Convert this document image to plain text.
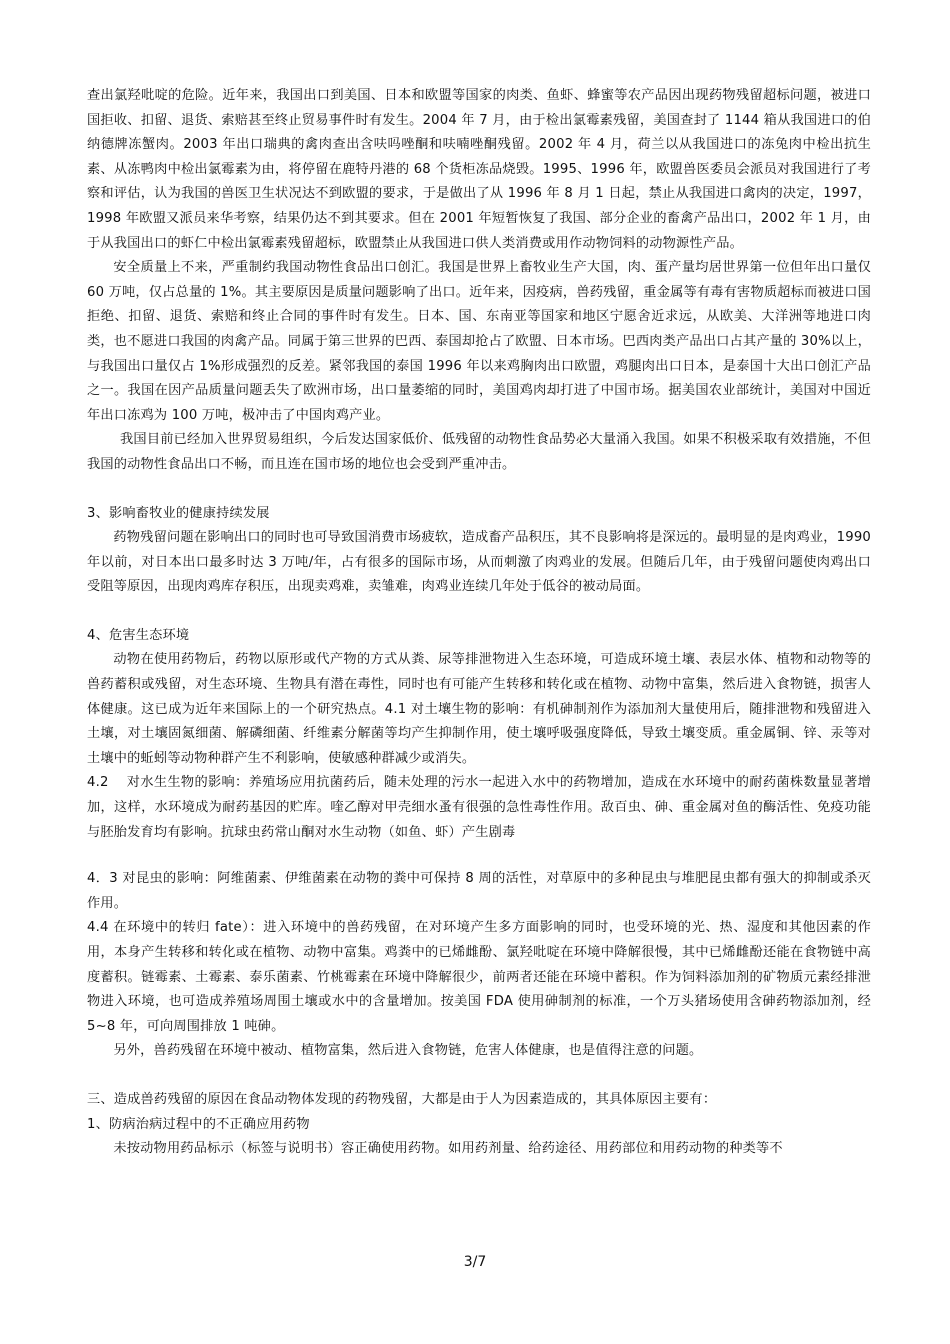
查出氯羟吡啶的危险。近年来，我国出口到美国、日本和欧盟等国家的肉类、鱼虾、蜂蜜等农产品因出现药物残留超标问题，被进口国拒收、扣留、退货、索赔甚至终止贸易事件时有发生。2004 年 7 月，由于检出氯霉素残留，美国查封了 1144 箱从我国进口的伯纳德牌冻蟹肉。2003 年出口瑞典的禽肉查出含呋吗唑酮和呋喃唑酮残留。2002 年 4 月，荷兰以从我国进口的冻兔肉中检出抗生素、从冻鸭肉中检出氯霉素为由，将停留在鹿特丹港的 68 个货柜冻品烧毁。1995、1996 年，欧盟兽医委员会派员对我国进行了考察和评估，认为我国的兽医卫生状况达不到欧盟的要求，于是做出了从 1996 年 8 月 1 日起，禁止从我国进口禽肉的决定，1997，1998 年欧盟又派员来华考察，结果仍达不到其要求。但在 2001 年短暂恢复了我国、部分企业的畜禽产品出口，2002 年 1 月，由于从我国出口的虾仁中检出氯霉素残留超标，欧盟禁止从我国进口供人类消费或用作动物饲料的动物源性产品。

安全质量上不来，严重制约我国动物性食品出口创汇。我国是世界上畜牧业生产大国，肉、蛋产量均居世界第一位但年出口量仅 60 万吨，仅占总量的 1%。其主要原因是质量问题影响了出口。近年来，因疫病，兽药残留，重金属等有毒有害物质超标而被进口国拒绝、扣留、退货、索赔和终止合同的事件时有发生。日本、国、东南亚等国家和地区宁愿舍近求远，从欧美、大洋洲等地进口肉类，也不愿进口我国的肉禽产品。同属于第三世界的巴西、泰国却抢占了欧盟、日本市场。巴西肉类产品出口占其产量的 30%以上，与我国出口量仅占 1%形成强烈的反差。紧邻我国的泰国 1996 年以来鸡胸肉出口欧盟，鸡腿肉出口日本，是泰国十大出口创汇产品之一。我国在因产品质量问题丢失了欧洲市场，出口量萎缩的同时，美国鸡肉却打进了中国市场。据美国农业部统计，美国对中国近年出口冻鸡为 100 万吨，极冲击了中国肉鸡产业。

我国目前已经加入世界贸易组织，今后发达国家低价、低残留的动物性食品势必大量涌入我国。如果不积极采取有效措施，不但我国的动物性食品出口不畅，而且连在国市场的地位也会受到严重冲击。

3、影响畜牧业的健康持续发展

药物残留问题在影响出口的同时也可导致国消费市场疲软，造成畜产品积压，其不良影响将是深远的。最明显的是肉鸡业，1990 年以前，对日本出口最多时达 3 万吨/年，占有很多的国际市场，从而刺激了肉鸡业的发展。但随后几年，由于残留问题使肉鸡出口受阻等原因，出现肉鸡库存积压，出现卖鸡难，卖雏难，肉鸡业连续几年处于低谷的被动局面。

4、危害生态环境

动物在使用药物后，药物以原形或代产物的方式从粪、尿等排泄物进入生态环境，可造成环境土壤、表层水体、植物和动物等的兽药蓄积或残留，对生态环境、生物具有潜在毒性，同时也有可能产生转移和转化或在植物、动物中富集，然后进入食物链，损害人体健康。这已成为近年来国际上的一个研究热点。4.1 对土壤生物的影响：有机砷制剂作为添加剂大量使用后，随排泄物和残留进入土壤，对土壤固氮细菌、解磷细菌、纤维素分解菌等均产生抑制作用，使土壤呼吸强度降低，导致土壤变质。重金属铜、锌、汞等对土壤中的蚯蚓等动物种群产生不利影响，使敏感种群减少或消失。

4.2　 对水生生物的影响：养殖场应用抗菌药后，随未处理的污水一起进入水中的药物增加，造成在水环境中的耐药菌株数量显著增加，这样，水环境成为耐药基因的贮库。喹乙醇对甲壳细水蚤有很强的急性毒性作用。敌百虫、砷、重金属对鱼的酶活性、免疫功能与胚胎发育均有影响。抗球虫药常山酮对水生动物（如鱼、虾）产生剧毒

4．3 对昆虫的影响：阿维菌素、伊维菌素在动物的粪中可保持 8 周的活性，对草原中的多种昆虫与堆肥昆虫都有强大的抑制或杀灭作用。

4.4 在环境中的转归 fate）：进入环境中的兽药残留，在对环境产生多方面影响的同时，也受环境的光、热、湿度和其他因素的作用，本身产生转移和转化或在植物、动物中富集。鸡粪中的已烯雌酚、氯羟吡啶在环境中降解很慢，其中已烯雌酚还能在食物链中高度蓄积。链霉素、土霉素、泰乐菌素、竹桃霉素在环境中降解很少，前两者还能在环境中蓄积。作为饲料添加剂的矿物质元素经排泄物进入环境，也可造成养殖场周围土壤或水中的含量增加。按美国 FDA 使用砷制剂的标准，一个万头猪场使用含砷药物添加剂，经 5~8 年，可向周围排放 1 吨砷。

另外，兽药残留在环境中被动、植物富集，然后进入食物链，危害人体健康，也是值得注意的问题。

三、造成兽药残留的原因在食品动物体发现的药物残留，大都是由于人为因素造成的，其具体原因主要有：

1、防病治病过程中的不正确应用药物

未按动物用药品标示（标签与说明书）容正确使用药物。如用药剂量、给药途径、用药部位和用药动物的种类等不

3/7
